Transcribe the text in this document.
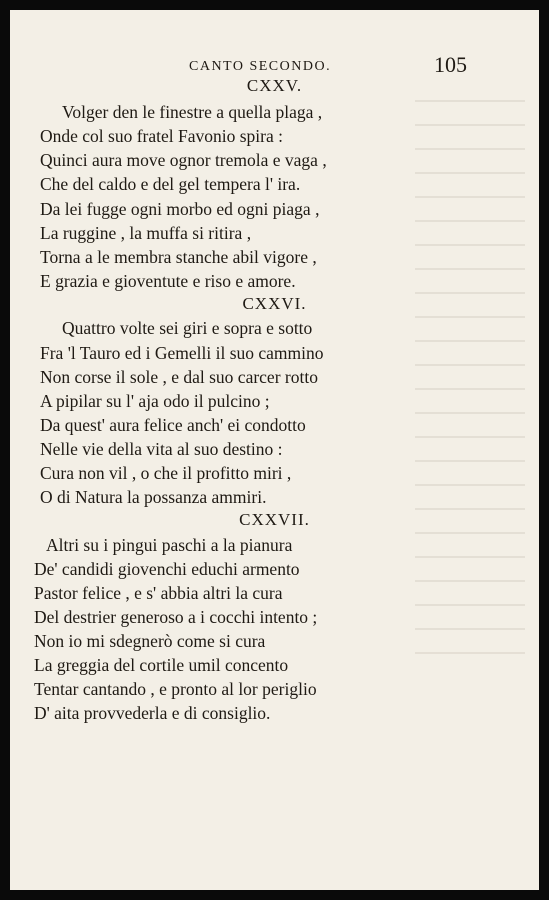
CANTO SECONDO.	105
CXXV.
Volger den le finestre a quella plaga ,
Onde col suo fratel Favonio spira :
Quinci aura move ognor tremola e vaga ,
Che del caldo e del gel tempera l' ira.
Da lei fugge ogni morbo ed ogni piaga ,
La ruggine , la muffa si ritira ,
Torna a le membra stanche abil vigore ,
E grazia e gioventute e riso e amore.
CXXVI.
Quattro volte sei giri e sopra e sotto
Fra 'l Tauro ed i Gemelli il suo cammino
Non corse il sole , e dal suo carcer rotto
A pipilar su l' aja odo il pulcino ;
Da quest' aura felice anch' ei condotto
Nelle vie della vita al suo destino :
Cura non vil , o che il profitto miri ,
O di Natura la possanza ammiri.
CXXVII.
Altri su i pingui paschi a la pianura
De' candidi giovenchi educhi armento
Pastor felice , e s' abbia altri la cura
Del destrier generoso a i cocchi intento ;
Non io mi sdegnerò come si cura
La greggia del cortile umil concento
Tentar cantando , e pronto al lor periglio
D' aita provvederla e di consiglio.
